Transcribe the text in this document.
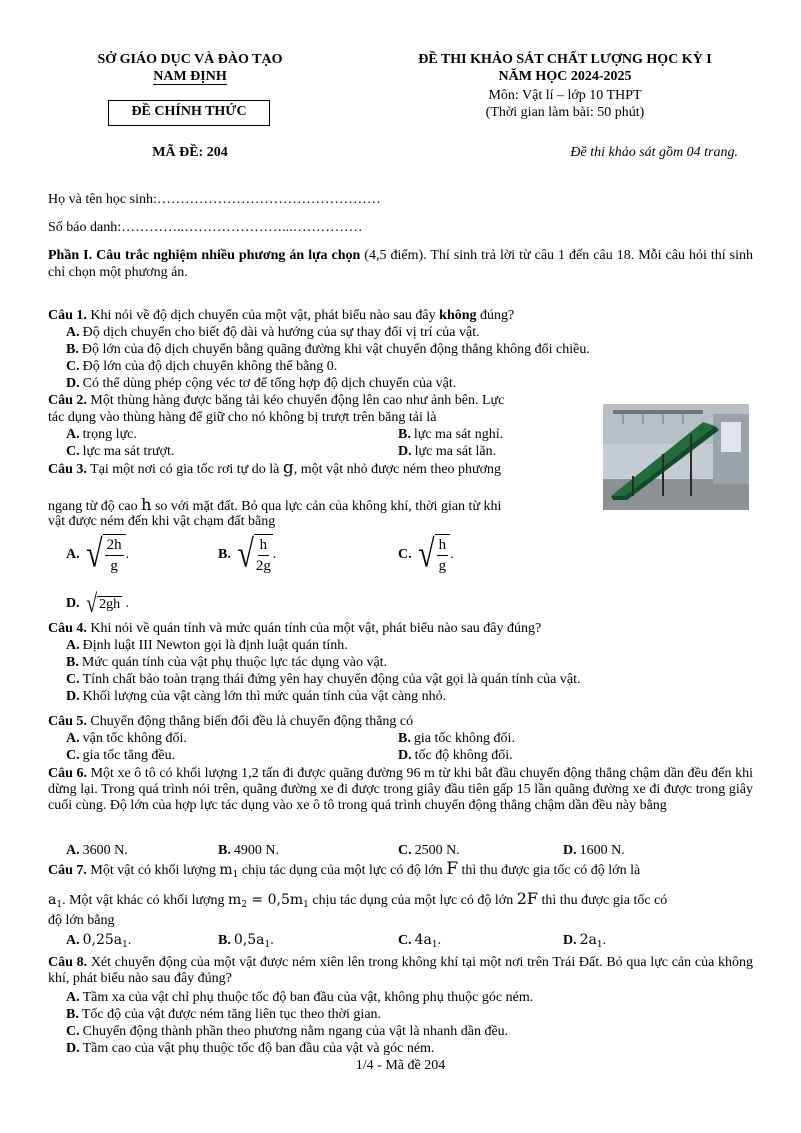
SỞ GIÁO DỤC VÀ ĐÀO TẠO
NAM ĐỊNH
ĐỀ CHÍNH THỨC
MÃ ĐỀ: 204
ĐỀ THI KHẢO SÁT CHẤT LƯỢNG HỌC KỲ I
NĂM HỌC 2024-2025
Môn: Vật lí – lớp 10 THPT
(Thời gian làm bài: 50 phút)
Đề thi khảo sát gồm 04 trang.
Họ và tên học sinh:…………………………………………
Số báo danh:…………..…………………...……………
Phần I. Câu trắc nghiệm nhiều phương án lựa chọn (4,5 điểm). Thí sinh trả lời từ câu 1 đến câu 18. Mỗi câu hỏi thí sinh chỉ chọn một phương án.
Câu 1. Khi nói về độ dịch chuyển của một vật, phát biểu nào sau đây không đúng?
A. Độ dịch chuyển cho biết độ dài và hướng của sự thay đổi vị trí của vật.
B. Độ lớn của độ dịch chuyển bằng quãng đường khi vật chuyển động thẳng không đổi chiều.
C. Độ lớn của độ dịch chuyển không thể bằng 0.
D. Có thể dùng phép cộng véc tơ để tổng hợp độ dịch chuyển của vật.
Câu 2. Một thùng hàng được băng tải kéo chuyển động lên cao như ảnh bên. Lực
tác dụng vào thùng hàng để giữ cho nó không bị trượt trên băng tải là
A. trọng lực.	B. lực ma sát nghỉ.
C. lực ma sát trượt.	D. lực ma sát lăn.
Câu 3. Tại một nơi có gia tốc rơi tự do là g, một vật nhỏ được ném theo phương
ngang từ độ cao h so với mặt đất. Bỏ qua lực cản của không khí, thời gian từ khi
vật được ném đến khi vật chạm đất bằng
A. √ $\frac{2h}{g}$ .	B. √ $\frac{h}{2g}$ .	C. √ $\frac{h}{g}$ .
D. √ 2gh .
Câu 4. Khi nói về quán tính và mức quán tính của một vật, phát biểu nào sau đây đúng?
A. Định luật III Newton gọi là định luật quán tính.
B. Mức quán tính của vật phụ thuộc lực tác dụng vào vật.
C. Tính chất bảo toàn trạng thái đứng yên hay chuyển động của vật gọi là quán tính của vật.
D. Khối lượng của vật càng lớn thì mức quán tính của vật càng nhỏ.
Câu 5. Chuyển động thẳng biến đổi đều là chuyển động thẳng có
A. vận tốc không đổi.	B. gia tốc không đổi.
C. gia tốc tăng đều.	D. tốc độ không đổi.
Câu 6. Một xe ô tô có khối lượng 1,2 tấn đi được quãng đường 96 m từ khi bắt đầu chuyển động thẳng chậm dần đều đến khi dừng lại. Trong quá trình nói trên, quãng đường xe đi được trong giây đầu tiên gấp 15 lần quãng đường xe đi được trong giây cuối cùng. Độ lớn của hợp lực tác dụng vào xe ô tô trong quá trình chuyển động thẳng chậm dần đều này bằng
A. 3600 N.	B. 4900 N.	C. 2500 N.	D. 1600 N.
Câu 7. Một vật có khối lượng $m_1$ chịu tác dụng của một lực có độ lớn F thì thu được gia tốc có độ lớn là
$a_1$. Một vật khác có khối lượng $m_2 = 0,5m_1$ chịu tác dụng của một lực có độ lớn 2F thì thu được gia tốc có
độ lớn bằng
A. $0,25a_1$.	B. $0,5a_1$.	C. $4a_1$.	D. $2a_1$.
Câu 8. Xét chuyển động của một vật được ném xiên lên trong không khí tại một nơi trên Trái Đất. Bỏ qua lực cản của không khí, phát biểu nào sau đây đúng?
A. Tầm xa của vật chỉ phụ thuộc tốc độ ban đầu của vật, không phụ thuộc góc ném.
B. Tốc độ của vật được ném tăng liên tục theo thời gian.
C. Chuyển động thành phần theo phương nằm ngang của vật là nhanh dần đều.
D. Tầm cao của vật phụ thuộc tốc độ ban đầu của vật và góc ném.
1/4 - Mã đề 204
